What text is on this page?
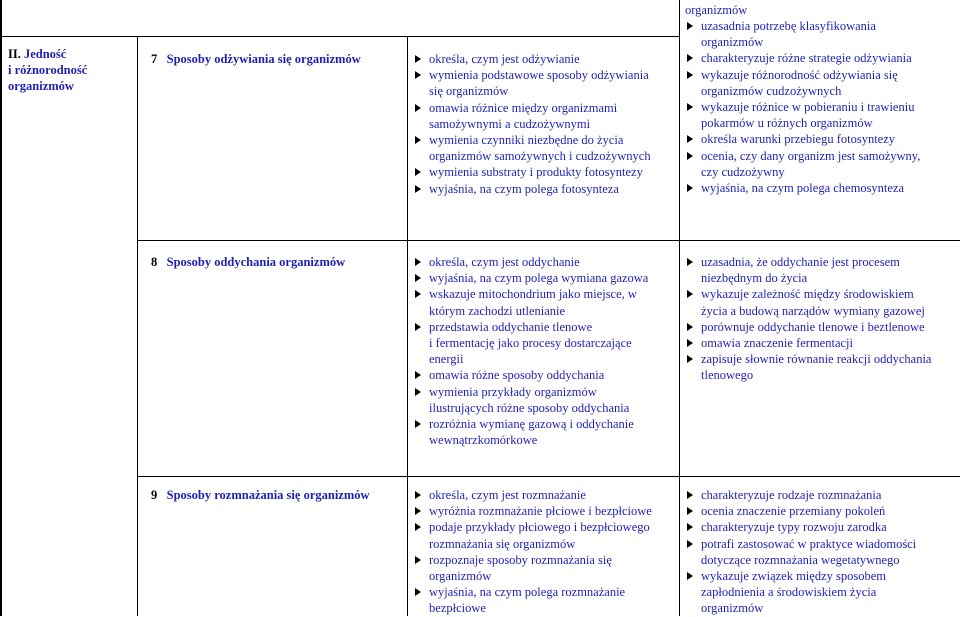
II. Jedność
i różnorodność
organizmów
organizmów
7 Sposoby odżywiania się organizmów
8 Sposoby oddychania organizmów
9 Sposoby rozmnażania się organizmów
określa, czym jest odżywianie
wymienia podstawowe sposoby odżywiania
się organizmów
omawia różnice między organizmami
samożywnymi a cudzożywnymi
wymienia czynniki niezbędne do życia
organizmów samożywnych i cudzożywnych
wymienia substraty i produkty fotosyntezy
wyjaśnia, na czym polega fotosynteza
uzasadnia potrzebę klasyfikowania
organizmów
charakteryzuje różne strategie odżywiania
wykazuje różnorodność odżywiania się
organizmów cudzożywnych
wykazuje różnice w pobieraniu i trawieniu
pokarmów u różnych organizmów
określa warunki przebiegu fotosyntezy
ocenia, czy dany organizm jest samożywny,
czy cudzożywny
wyjaśnia, na czym polega chemosynteza
określa, czym jest oddychanie
wyjaśnia, na czym polega wymiana gazowa
wskazuje mitochondrium jako miejsce, w
którym zachodzi utlenianie
przedstawia oddychanie tlenowe
i fermentację jako procesy dostarczające
energii
omawia różne sposoby oddychania
wymienia przykłady organizmów
ilustrujących różne sposoby oddychania
rozróżnia wymianę gazową i oddychanie
wewnątrzkomórkowe
uzasadnia, że oddychanie jest procesem
niezbędnym do życia
wykazuje zależność między środowiskiem
życia a budową narządów wymiany gazowej
porównuje oddychanie tlenowe i beztlenowe
omawia znaczenie fermentacji
zapisuje słownie równanie reakcji oddychania
tlenowego
określa, czym jest rozmnażanie
wyróżnia rozmnażanie płciowe i bezpłciowe
podaje przykłady płciowego i bezpłciowego
rozmnażania się organizmów
rozpoznaje sposoby rozmnażania się
organizmów
wyjaśnia, na czym polega rozmnażanie
bezpłciowe
charakteryzuje rodzaje rozmnażania
ocenia znaczenie przemiany pokoleń
charakteryzuje typy rozwoju zarodka
potrafi zastosować w praktyce wiadomości
dotyczące rozmnażania wegetatywnego
wykazuje związek między sposobem
zapłodnienia a środowiskiem życia
organizmów
